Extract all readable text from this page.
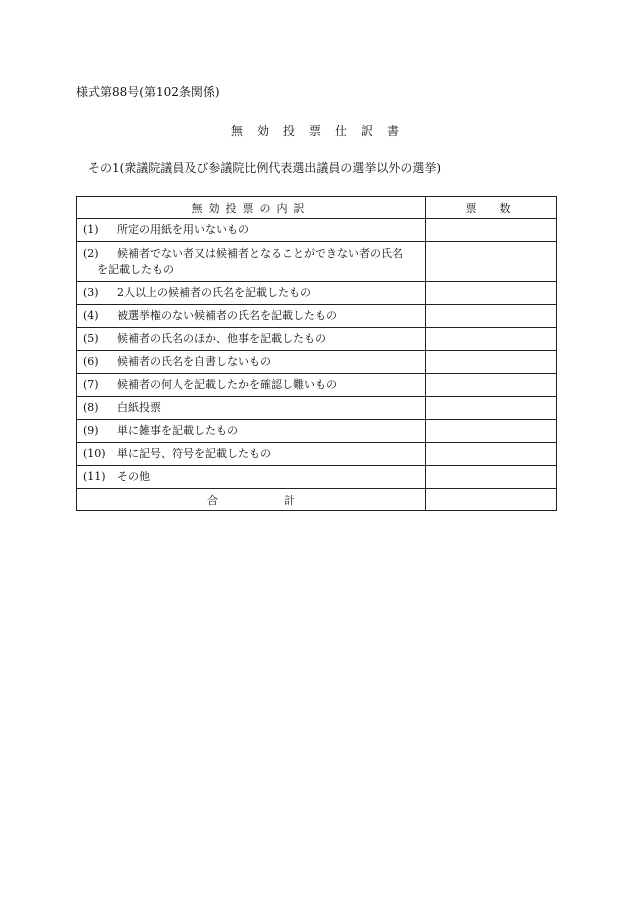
様式第88号(第102条関係)
無効投票仕訳書
その1(衆議院議員及び参議院比例代表選出議員の選挙以外の選挙)
無効投票の内訳	票　数
(1) 所定の用紙を用いないもの	
(2) 候補者でない者又は候補者となることができない者の氏名
を記載したもの	

(3) 2人以上の候補者の氏名を記載したもの	
(4) 被選挙権のない候補者の氏名を記載したもの	
(5) 候補者の氏名のほか、他事を記載したもの	
(6) 候補者の氏名を自書しないもの	
(7) 候補者の何人を記載したかを確認し難いもの	
(8) 白紙投票	
(9) 単に雑事を記載したもの	
(10) 単に記号、符号を記載したもの	
(11) その他	
合計	
